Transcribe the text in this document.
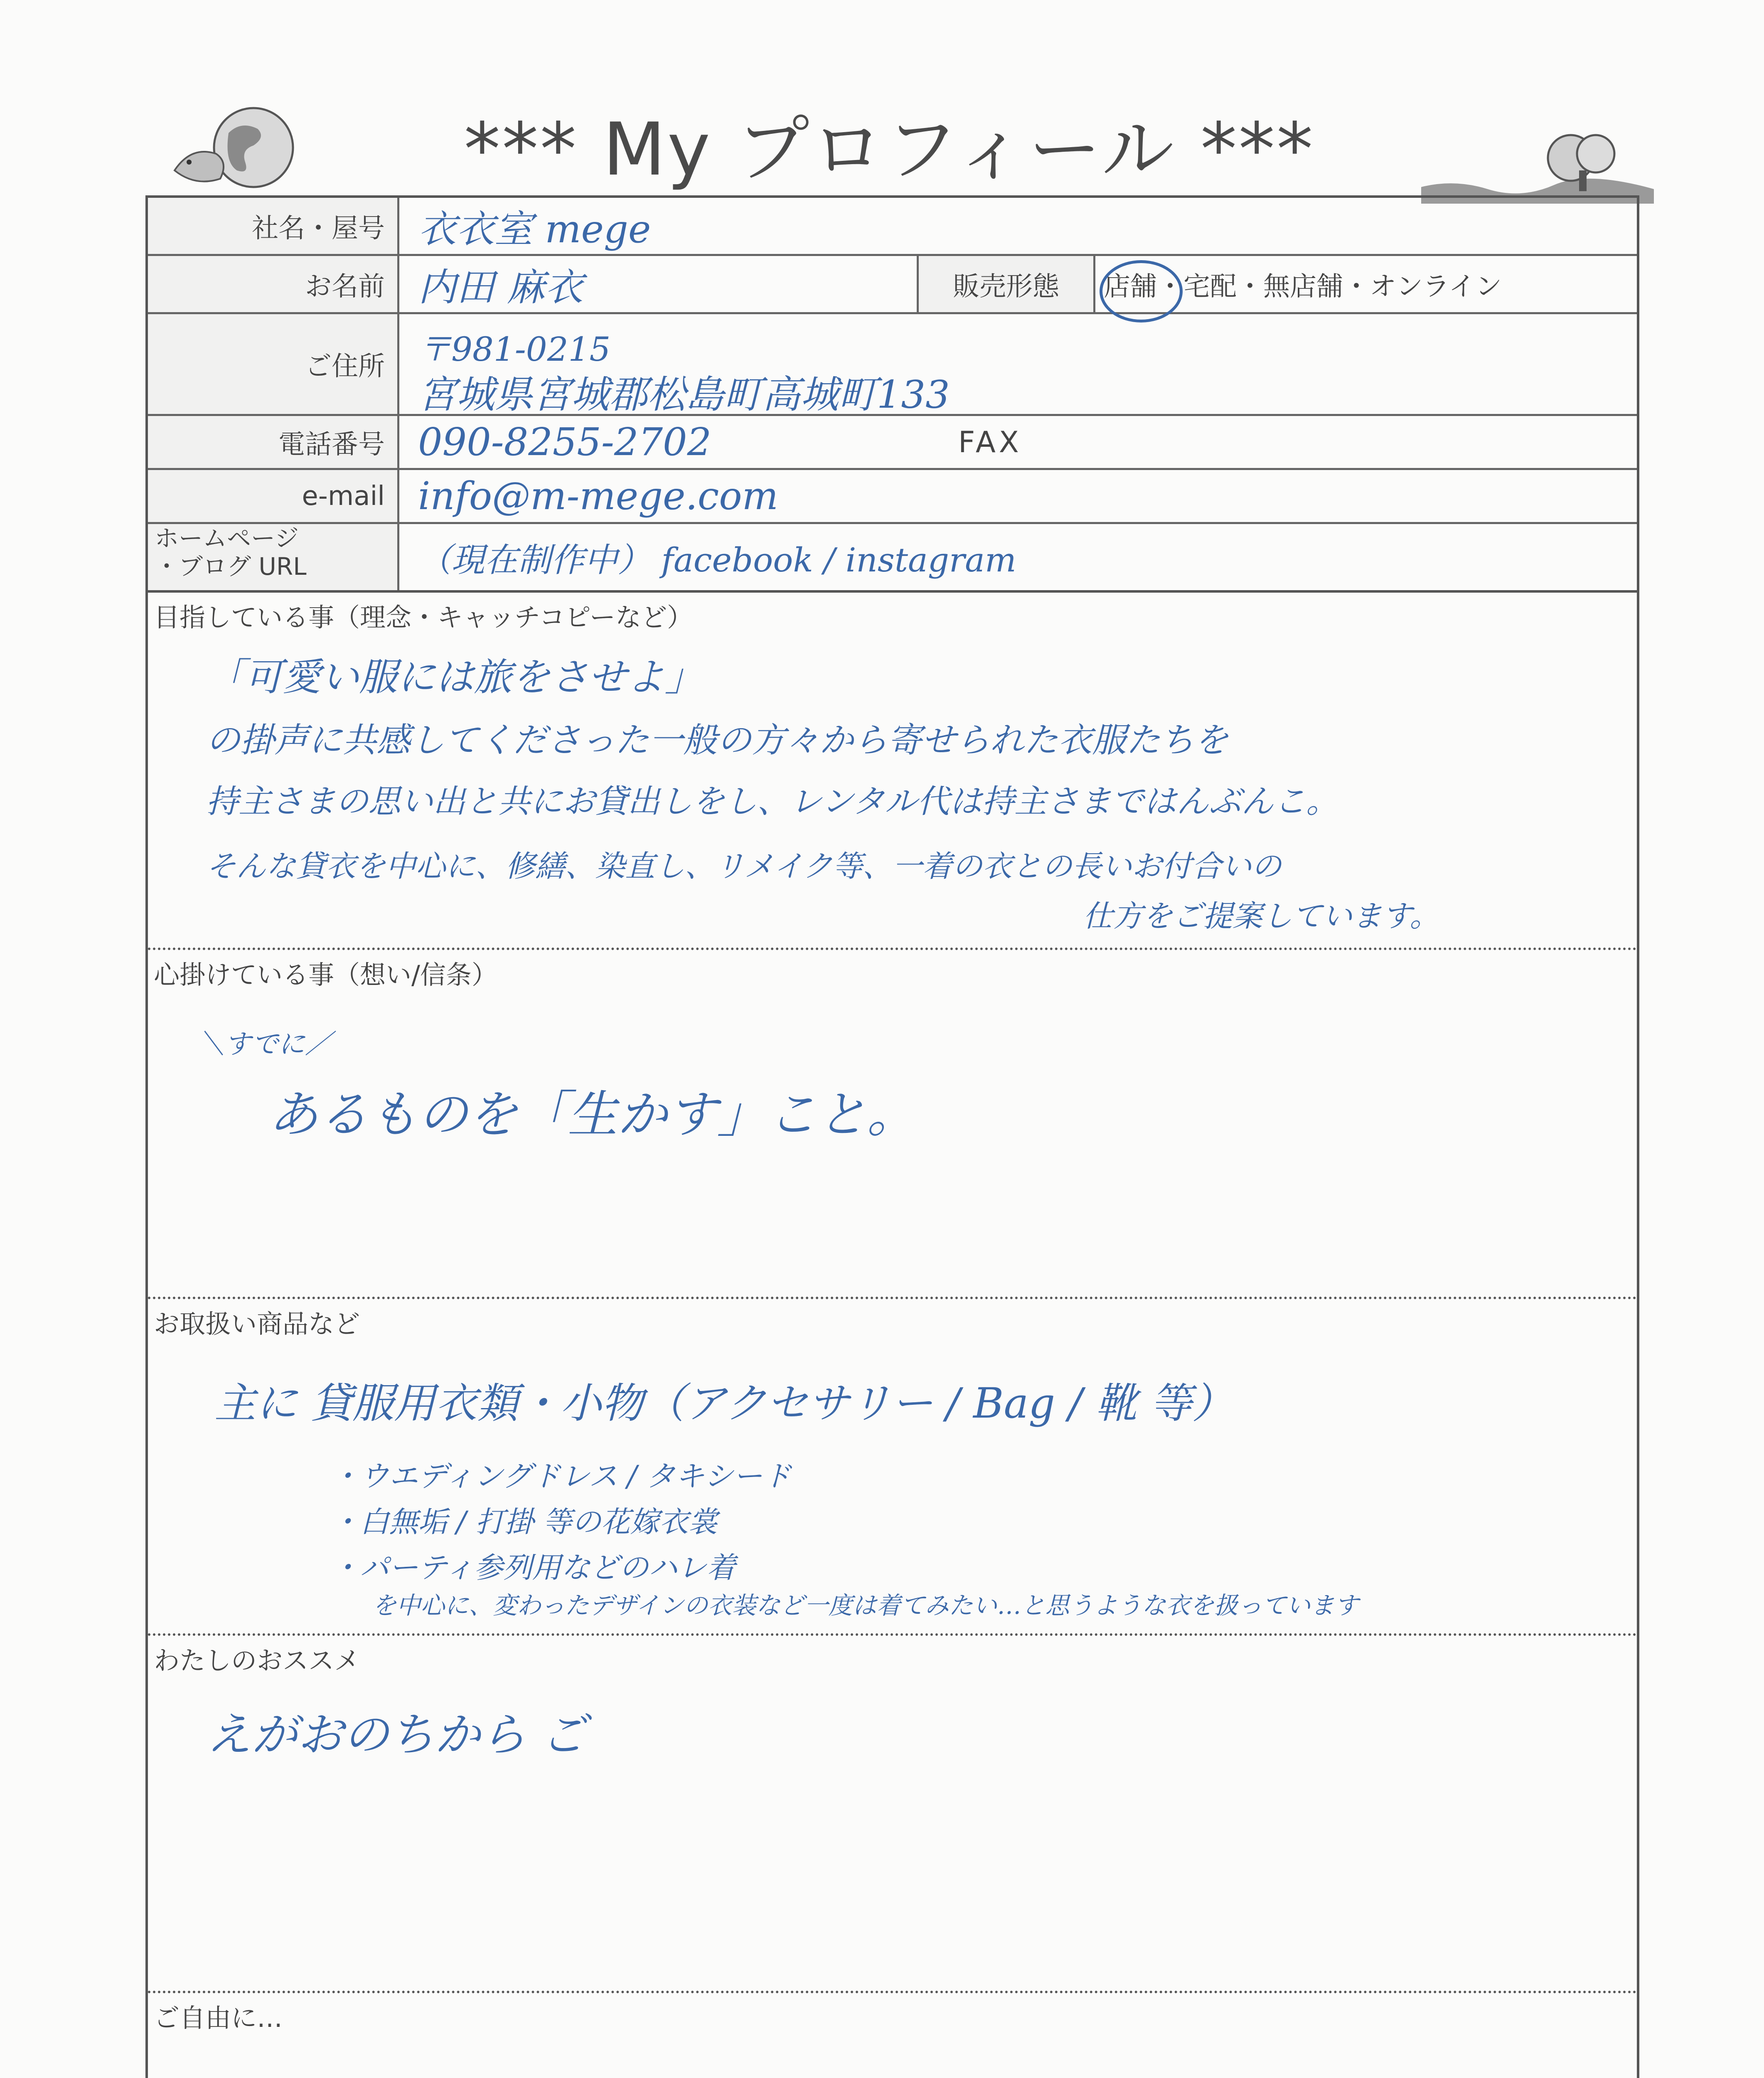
*** My プロフィール ***
社名・屋号 衣衣室 mege
お名前 内田 麻衣	販売形態	店舗・宅配・無店舗・オンライン
ご住所	〒981-0215
宮城県宮城郡松島町高城町133
電話番号 090-8255-2702	FAX
e-mail info@m-mege.com
ホームページ
・ブログ URL	（現在制作中） facebook / instagram
目指している事（理念・キャッチコピーなど）
「可愛い服には旅をさせよ」
の掛声に共感してくださった一般の方々から寄せられた衣服たちを
持主さまの思い出と共にお貸出しをし、レンタル代は持主さまではんぶんこ。
そんな貸衣を中心に、修繕、染直し、リメイク等、一着の衣との長いお付合いの
仕方をご提案しています。
心掛けている事（想い/信条）
＼すでに／
あるものを「生かす」こと。
お取扱い商品など
主に 貸服用衣類・小物（アクセサリー / Bag / 靴 等）
・ウエディングドレス / タキシード
・白無垢 / 打掛 等の花嫁衣裳
・パーティ参列用などのハレ着
を中心に、変わったデザインの衣装など一度は着てみたい…と思うような衣を扱っています
わたしのおススメ
えがおのちから ご
ご自由に…
